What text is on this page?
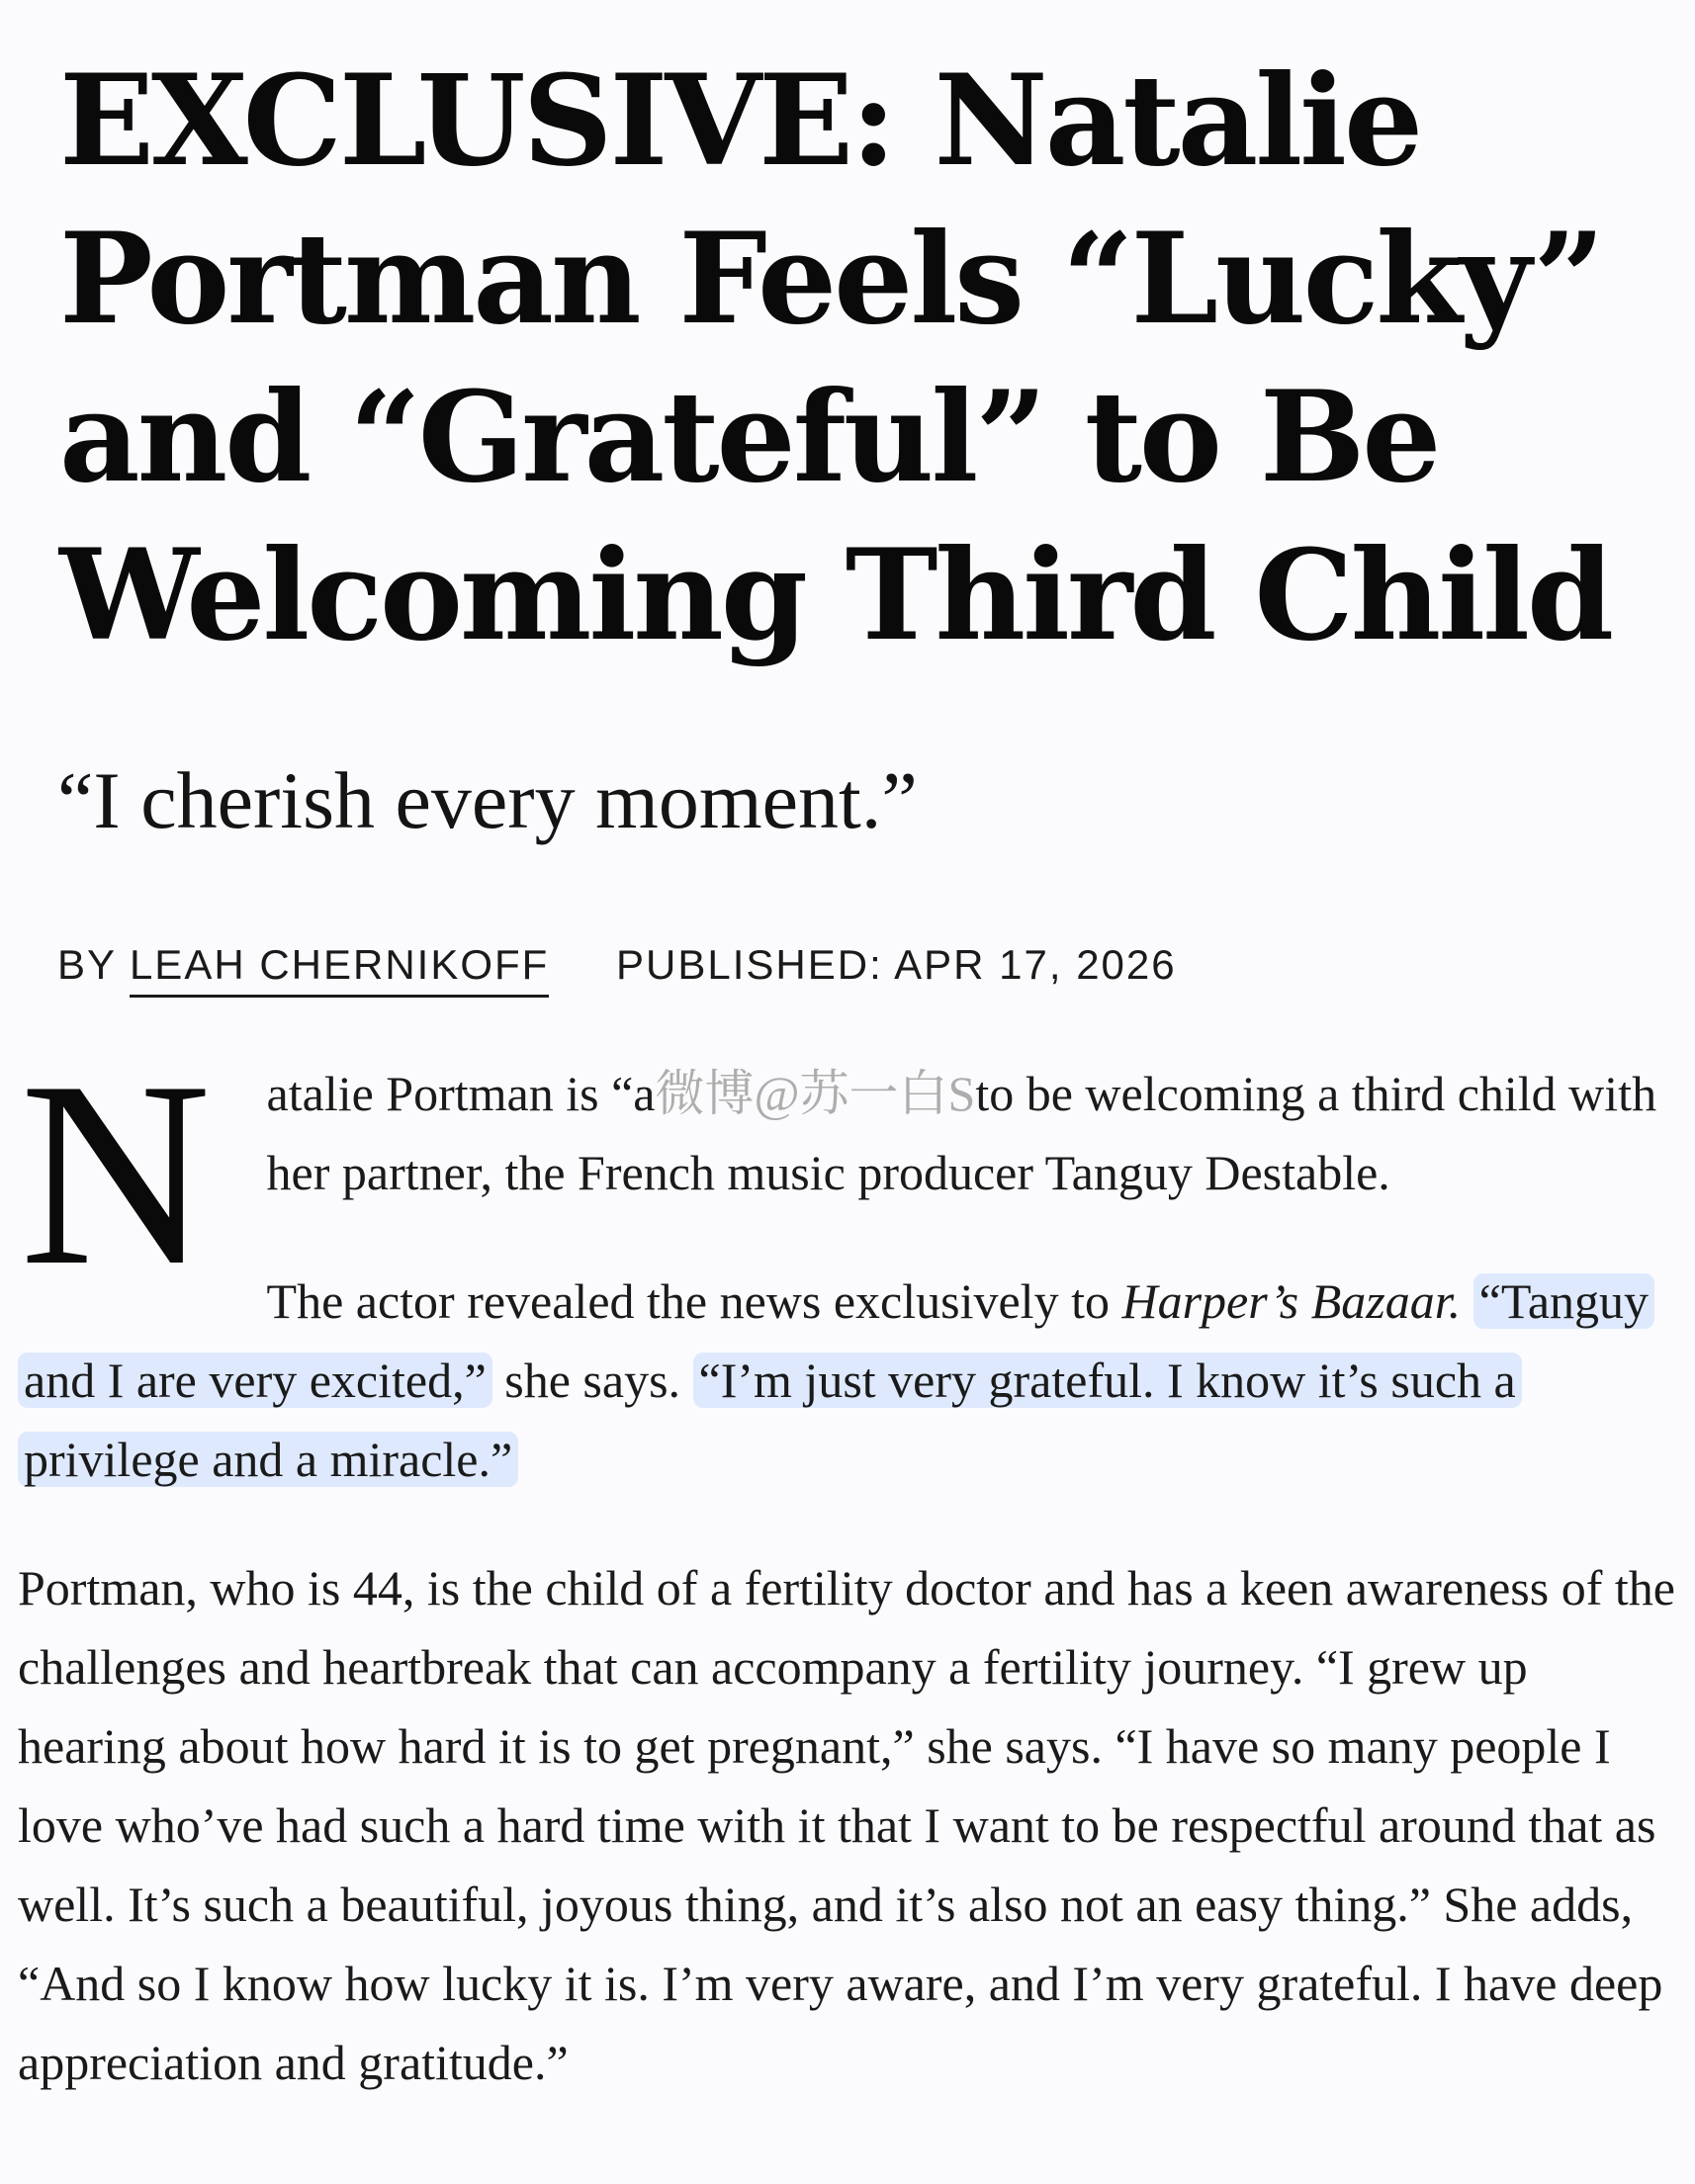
EXCLUSIVE: Natalie Portman Feels “Lucky” and “Grateful” to Be Welcoming Third Child

“I cherish every moment.”

BY LEAH CHERNIKOFF PUBLISHED: APR 17, 2026
N	atalie Portman is “a微博@苏一白Sto be welcoming a third child with her partner, the French music producer Tanguy Destable.

The actor revealed the news exclusively to Harper’s Bazaar. “Tanguy and I are very excited,” she says. “I’m just very grateful. I know it’s such a privilege and a miracle.”

Portman, who is 44, is the child of a fertility doctor and has a keen awareness of the challenges and heartbreak that can accompany a fertility journey. “I grew up hearing about how hard it is to get pregnant,” she says. “I have so many people I love who’ve had such a hard time with it that I want to be respectful around that as well. It’s such a beautiful, joyous thing, and it’s also not an easy thing.” She adds, “And so I know how lucky it is. I’m very aware, and I’m very grateful. I have deep appreciation and gratitude.”
